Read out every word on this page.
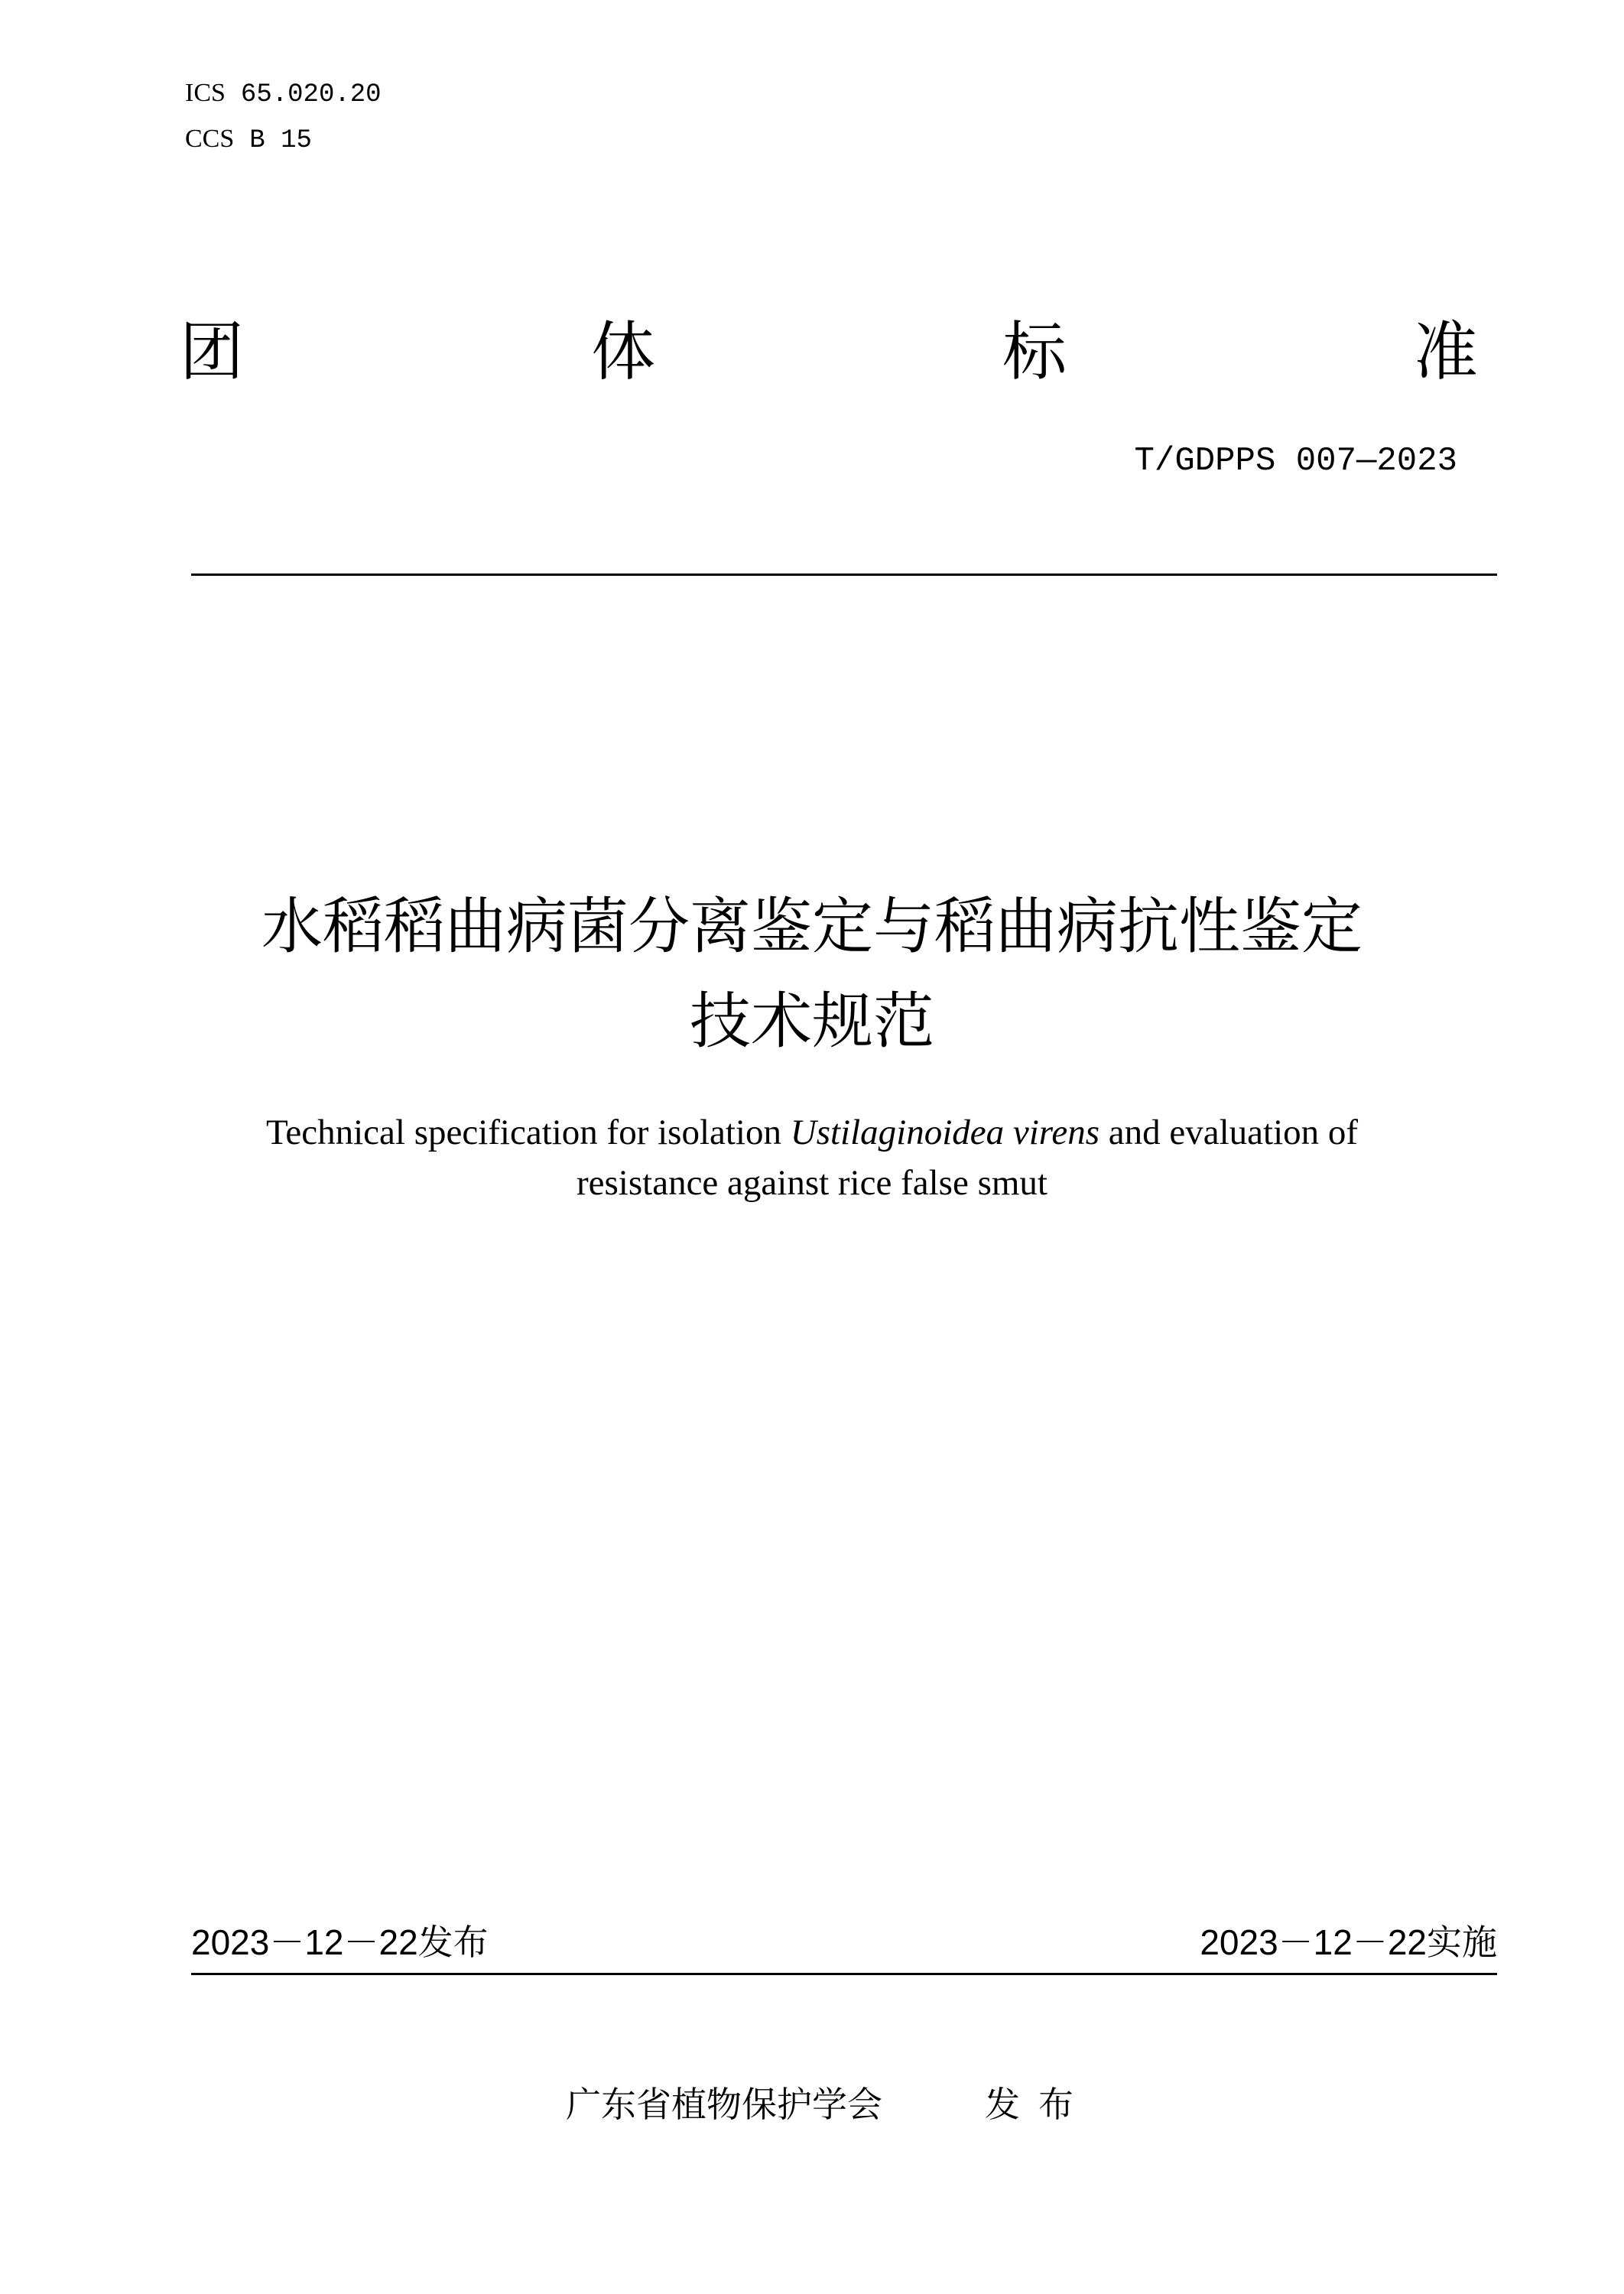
ICS 65.020.20
CCS B 15
团	体	标	准
T/GDPPS 007—2023
水稻稻曲病菌分离鉴定与稻曲病抗性鉴定
技术规范
Technical specification for isolation Ustilaginoidea virens and evaluation of
resistance against rice false smut
2023－12－22发布	2023－12－22实施
广东省植物保护学会	发布
